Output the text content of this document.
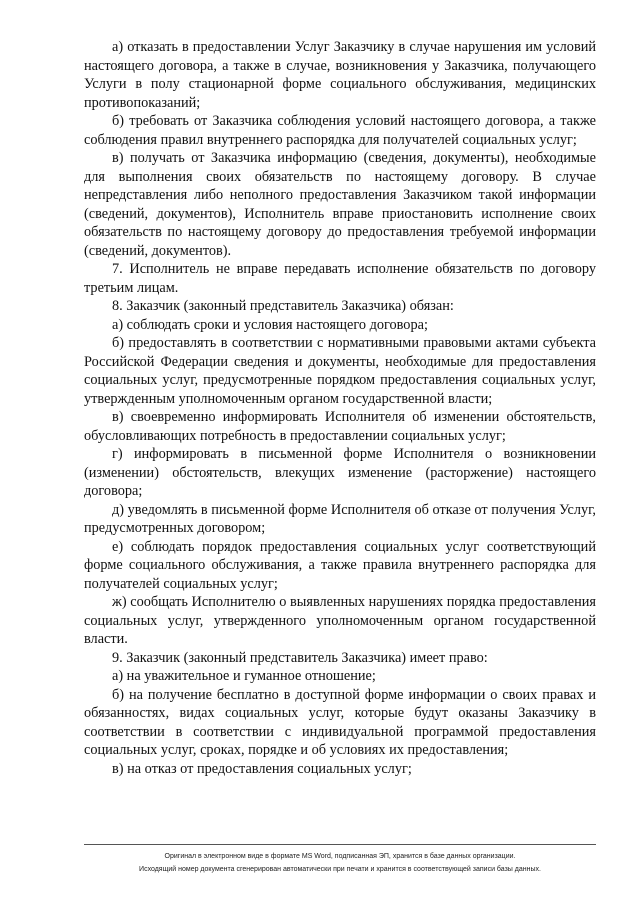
а) отказать в предоставлении Услуг Заказчику в случае нарушения им условий настоящего договора, а также в случае, возникновения у Заказчика, получающего Услуги в полу стационарной форме социального обслуживания, медицинских противопоказаний;

б) требовать от Заказчика соблюдения условий настоящего договора, а также соблюдения правил внутреннего распорядка для получателей социальных услуг;

в) получать от Заказчика информацию (сведения, документы), необходимые для выполнения своих обязательств по настоящему договору. В случае непредставления либо неполного предоставления Заказчиком такой информации (сведений, документов), Исполнитель вправе приостановить исполнение своих обязательств по настоящему договору до предоставления требуемой информации (сведений, документов).

7. Исполнитель не вправе передавать исполнение обязательств по договору третьим лицам.

8. Заказчик (законный представитель Заказчика) обязан:

а) соблюдать сроки и условия настоящего договора;

б) предоставлять в соответствии с нормативными правовыми актами субъекта Российской Федерации сведения и документы, необходимые для предоставления социальных услуг, предусмотренные порядком предоставления социальных услуг, утвержденным уполномоченным органом государственной власти;

в) своевременно информировать Исполнителя об изменении обстоятельств, обусловливающих потребность в предоставлении социальных услуг;

г) информировать в письменной форме Исполнителя о возникновении (изменении) обстоятельств, влекущих изменение (расторжение) настоящего договора;

д) уведомлять в письменной форме Исполнителя об отказе от получения Услуг, предусмотренных договором;

е) соблюдать порядок предоставления социальных услуг соответствующий форме социального обслуживания, а также правила внутреннего распорядка для получателей социальных услуг;

ж) сообщать Исполнителю о выявленных нарушениях порядка предоставления социальных услуг, утвержденного уполномоченным органом государственной власти.

9. Заказчик (законный представитель Заказчика) имеет право:

а) на уважительное и гуманное отношение;

б) на получение бесплатно в доступной форме информации о своих правах и обязанностях, видах социальных услуг, которые будут оказаны Заказчику в соответствии в соответствии с индивидуальной программой предоставления социальных услуг, сроках, порядке и об условиях их предоставления;

в) на отказ от предоставления социальных услуг;

Оригинал в электронном виде в формате MS Word, подписанная ЭП, хранится в базе данных организации.
Исходящий номер документа сгенерирован автоматически при печати и хранится в соответствующей записи базы данных.
